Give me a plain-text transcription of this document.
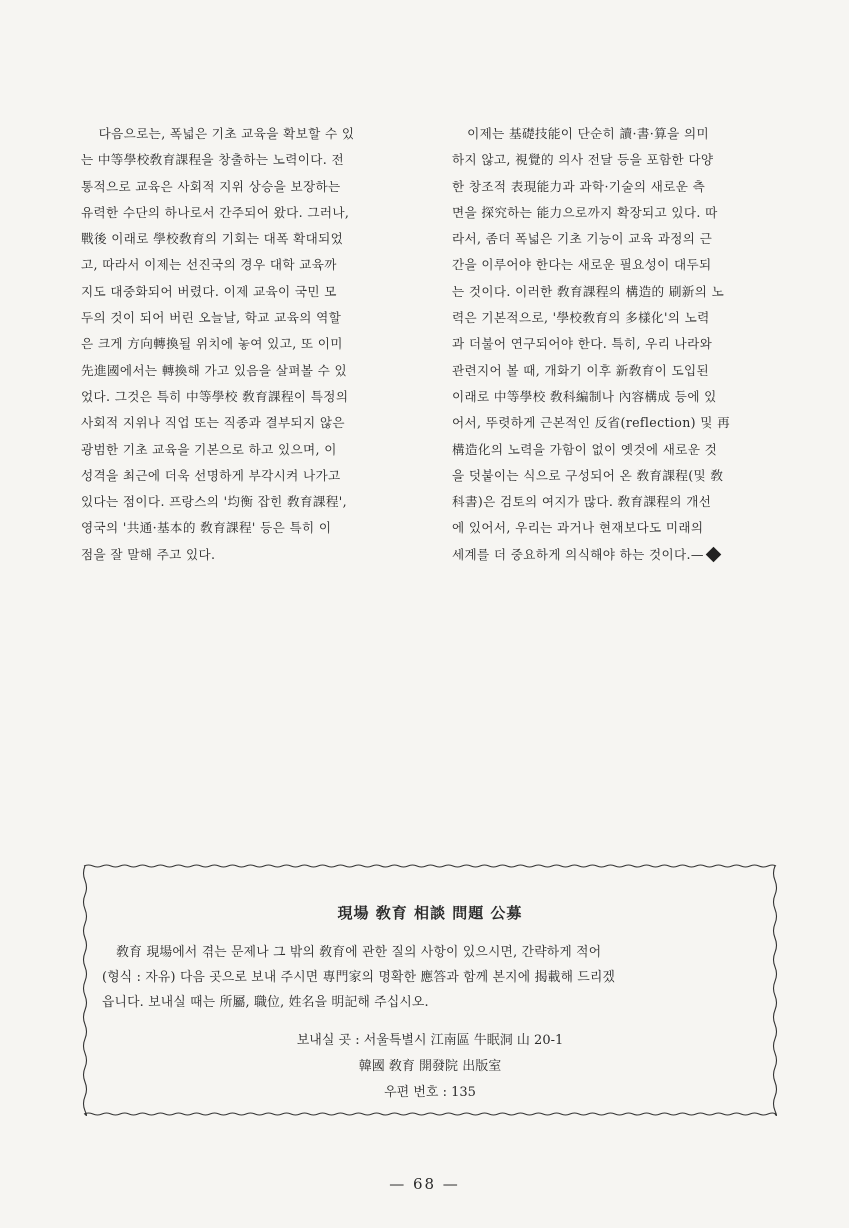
다음으로는, 폭넓은 기초 교육을 확보할 수 있
는 中等學校敎育課程을 창출하는 노력이다. 전
통적으로 교육은 사회적 지위 상승을 보장하는
유력한 수단의 하나로서 간주되어 왔다. 그러나,
戰後 이래로 學校敎育의 기회는 대폭 확대되었
고, 따라서 이제는 선진국의 경우 대학 교육까
지도 대중화되어 버렸다. 이제 교육이 국민 모
두의 것이 되어 버린 오늘날, 학교 교육의 역할
은 크게 方向轉換될 위치에 놓여 있고, 또 이미
先進國에서는 轉換해 가고 있음을 살펴볼 수 있
었다. 그것은 특히 中等學校 敎育課程이 특정의
사회적 지위나 직업 또는 직종과 결부되지 않은
광범한 기초 교육을 기본으로 하고 있으며, 이
성격을 최근에 더욱 선명하게 부각시켜 나가고
있다는 점이다. 프랑스의 '均衡 잡힌 敎育課程',
영국의 '共通·基本的 敎育課程' 등은 특히 이
점을 잘 말해 주고 있다.
이제는 基礎技能이 단순히 讀·書·算을 의미
하지 않고, 視覺的 의사 전달 등을 포함한 다양
한 창조적 表現能力과 과학·기술의 새로운 측
면을 探究하는 能力으로까지 확장되고 있다. 따
라서, 좀더 폭넓은 기초 기능이 교육 과정의 근
간을 이루어야 한다는 새로운 필요성이 대두되
는 것이다. 이러한 敎育課程의 構造的 刷新의 노
력은 기본적으로, '學校敎育의 多樣化'의 노력
과 더불어 연구되어야 한다. 특히, 우리 나라와
관련지어 볼 때, 개화기 이후 新敎育이 도입된
이래로 中等學校 敎科編制나 內容構成 등에 있
어서, 뚜렷하게 근본적인 反省(reflection) 및 再
構造化의 노력을 가함이 없이 옛것에 새로운 것
을 덧붙이는 식으로 구성되어 온 敎育課程(및 敎
科書)은 검토의 여지가 많다. 敎育課程의 개선
에 있어서, 우리는 과거나 현재보다도 미래의
세계를 더 중요하게 의식해야 하는 것이다.—
現場 敎育 相談 問題 公募
敎育 現場에서 겪는 문제나 그 밖의 敎育에 관한 질의 사항이 있으시면, 간략하게 적어
(형식 : 자유) 다음 곳으로 보내 주시면 專門家의 명확한 應答과 함께 본지에 揭載해 드리겠
읍니다. 보내실 때는 所屬, 職位, 姓名을 明記해 주십시오.
보내실 곳 : 서울특별시 江南區 牛眠洞 山 20-1
韓國 敎育 開發院 出版室
우편 번호 : 135
— 68 —
